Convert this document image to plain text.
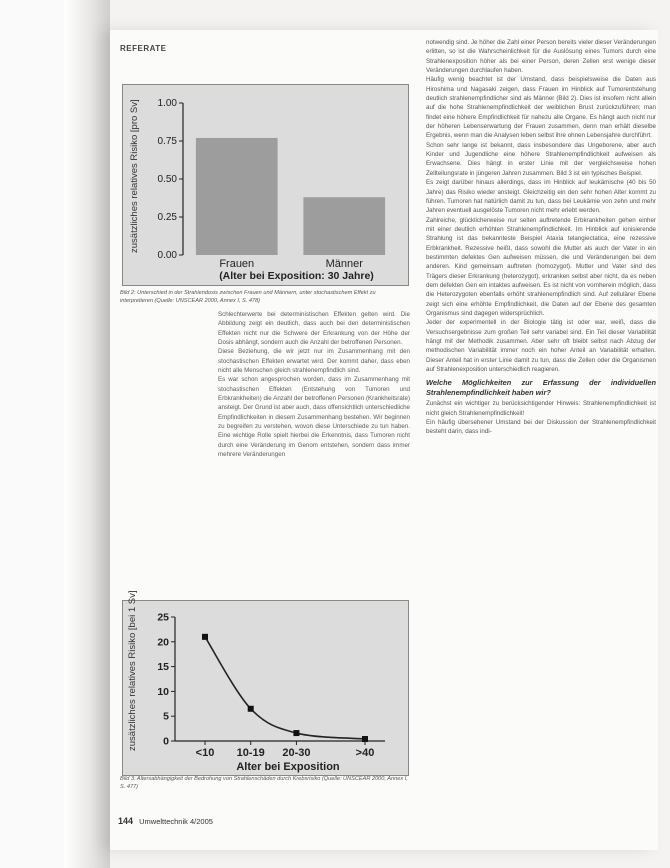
REFERATE
0.00
0.25
0.50
0.75
1.00
Frauen	Männer
(Alter bei Exposition: 30 Jahre)
zusätzliches relatives Risiko [pro Sv]
Bild 2: Unterschied in der Strahlendosis zwischen Frauen und Männern, unter stochastischem Effekt zu interpretieren (Quelle: UNSCEAR 2000, Annex I, S. 478)

Schlechterwerte bei deterministischen Effekten gelten wird. Die Abbildung zeigt ein deutlich, dass auch bei den deterministischen Effekten nicht nur die Schwere der Erkrankung von der Höhe der Dosis abhängt, sondern auch die Anzahl der betroffenen Personen.

Diese Beziehung, die wir jetzt nur im Zusammenhang mit den stochastischen Effekten erwartet wird. Der kommt daher, dass eben nicht alle Menschen gleich strahlenempfindlich sind.

Es war schon angesprochen worden, dass im Zusammenhang mit stochastischen Effekten (Entstehung von Tumoren und Erbkrankheiten) die Anzahl der betroffenen Personen (Krankheitsrate) ansteigt. Der Grund ist aber auch, dass offensichtlich unterschiedliche Empfindlichkeiten in diesem Zusammenhang bestehen. Wir beginnen zu begreifen zu verstehen, wovon diese Unterschiede zu tun haben. Eine wichtige Rolle spielt hierbei die Erkenntnis, dass Tumoren nicht durch eine Veränderung im Genom entstehen, sondern dass immer mehrere Veränderungen

notwendig sind. Je höher die Zahl einer Person bereits vieler dieser Veränderungen erlitten, so ist die Wahrscheinlichkeit für die Auslösung eines Tumors durch eine Strahlenexposition höher als bei einer Person, deren Zellen erst wenige dieser Veränderungen durchlaufen haben.

Häufig wenig beachtet ist der Umstand, dass beispielsweise die Daten aus Hiroshima und Nagasaki zeigen, dass Frauen im Hinblick auf Tumorentstehung deutlich strahlenempfindlicher sind als Männer (Bild 2). Dies ist insofern nicht allein auf die hohe Strahlenempfindlichkeit der weiblichen Brust zurückzuführen; man findet eine höhere Empfindlichkeit für nahezu alle Organe. Es hängt auch nicht nur der höheren Lebenserwartung der Frauen zusammen, denn man erhält dieselbe Ergebnis, wenn man die Analysen leben selbst ihre ohnen Lebensjahre durchführt.

Schon sehr lange ist bekannt, dass insbesondere das Ungeborene, aber auch Kinder und Jugendliche eine höhere Strahlenempfindlichkeit aufweisen als Erwachsene. Dies hängt in erster Linie mit der vergleichsweise hohen Zellteilungsrate in jüngeren Jahren zusammen. Bild 3 ist ein typisches Beispiel.

Es zeigt darüber hinaus allerdings, dass im Hinblick auf leukämische (40 bis 50 Jahre) das Risiko wieder ansteigt. Gleichzeitig ein den sehr hohen Alter kommt zu führen. Tumoren hat natürlich damit zu tun, dass bei Leukämie von zehn und mehr Jahren eventuell ausgelöste Tumoren nicht mehr erlebt werden.

Zahlreiche, glücklicherweise nur selten auftretende Erbkrankheiten gehen einher mit einer deutlich erhöhten Strahlenempfindlichkeit. Im Hinblick auf ionisierende Strahlung ist das bekannteste Beispiel Ataxia telangiectatica, eine rezessive Erbkrankheit. Rezessive heißt, dass sowohl die Mutter als auch der Vater in ein bestimmten defektes Gen aufweisen müssen, die und Veränderungen bei dem anderen. Kind gemeinsam auftreten (homozygot). Mutter und Vater sind des Trägers dieser Erkrankung (heterozygot), erkranken selbst aber nicht, da es neben dem defekten Gen ein intaktes aufweisen. Es ist nicht von vornherein möglich, dass die Heterozygoten ebenfalls erhöht strahlenempfindlich sind. Auf zellulärer Ebene zeigt sich eine erhöhte Empfindlichkeit, die Daten auf der Ebene des gesamten Organismus sind dagegen widersprüchlich.

Jeder der experimentell in der Biologie tätig ist oder war, weiß, dass die Versuchsergebnisse zum großen Teil sehr variabel sind. Ein Teil dieser Variabilität hängt mit der Methodik zusammen. Aber sehr oft bleibt selbst nach Abzug der methodischen Variabilität immer noch ein hoher Anteil an Variabilität erhalten. Dieser Anteil hat in erster Linie damit zu tun, dass die Zellen oder die Organismen auf Strahlenexposition unterschiedlich reagieren.

Welche Möglichkeiten zur Erfassung der individuellen Strahlenempfindlichkeit haben wir?

Zunächst ein wichtiger zu berücksichtigender Hinweis: Strahlenempfindlichkeit ist nicht gleich Strahlenempfindlichkeit!

Ein häufig übersehener Umstand bei der Diskussion der Strahlenempfindlichkeit besteht darin, dass indi-

0
5
10
15
20
25
<10 10-19 20-30	>40
Alter bei Exposition
zusätzliches relatives Risiko [bei 1 Sv]
Bild 3: Altersabhängigkeit der Bedrohung von Strahlenschäden durch Krebsrisiko (Quelle: UNSCEAR 2000, Annex I, S. 477)
144 Umwelttechnik 4/2005
